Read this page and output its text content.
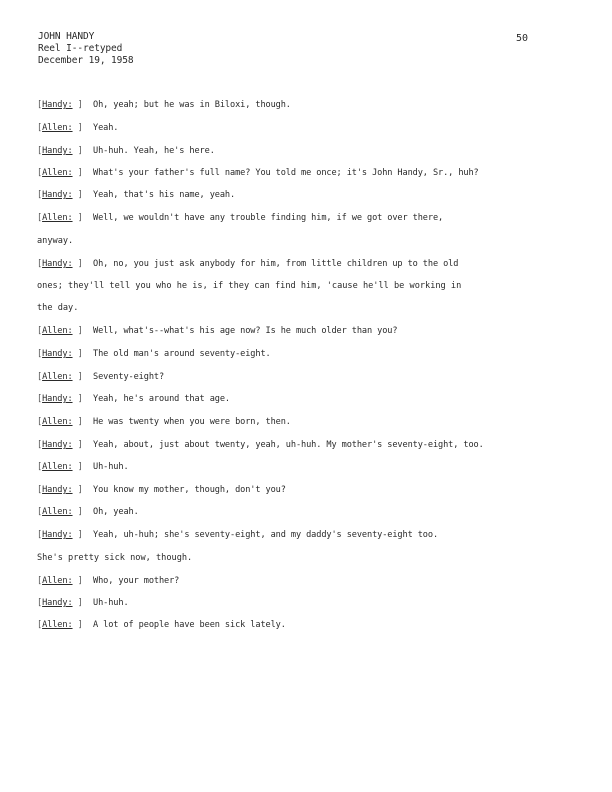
JOHN HANDY
Reel I--retyped
December 19, 1958
50
[Handy: ] Oh, yeah; but he was in Biloxi, though.
[Allen: ] Yeah.
[Handy: ] Uh-huh. Yeah, he's here.
[Allen: ] What's your father's full name? You told me once; it's John Handy, Sr., huh?
[Handy: ] Yeah, that's his name, yeah.
[Allen: ] Well, we wouldn't have any trouble finding him, if we got over there,
anyway.
[Handy: ] Oh, no, you just ask anybody for him, from little children up to the old
ones; they'll tell you who he is, if they can find him, 'cause he'll be working in
the day.
[Allen: ] Well, what's--what's his age now? Is he much older than you?
[Handy: ] The old man's around seventy-eight.
[Allen: ] Seventy-eight?
[Handy: ] Yeah, he's around that age.
[Allen: ] He was twenty when you were born, then.
[Handy: ] Yeah, about, just about twenty, yeah, uh-huh. My mother's seventy-eight, too.
[Allen: ] Uh-huh.
[Handy: ] You know my mother, though, don't you?
[Allen: ] Oh, yeah.
[Handy: ] Yeah, uh-huh; she's seventy-eight, and my daddy's seventy-eight too.
She's pretty sick now, though.
[Allen: ] Who, your mother?
[Handy: ] Uh-huh.
[Allen: ] A lot of people have been sick lately.
